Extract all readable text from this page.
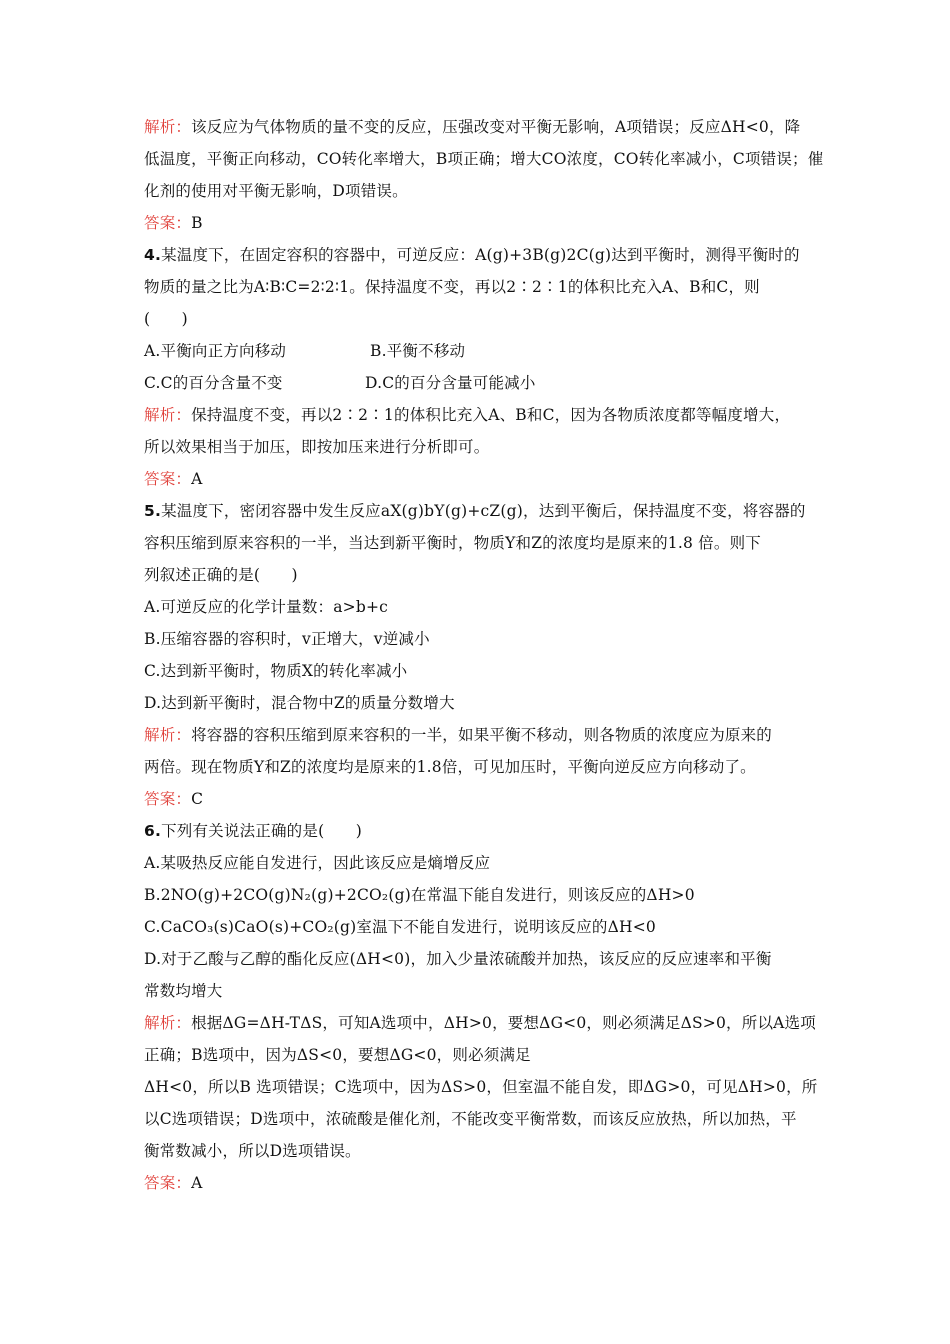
解析：该反应为气体物质的量不变的反应，压强改变对平衡无影响，A项错误；反应ΔH<0，降
低温度，平衡正向移动，CO转化率增大，B项正确；增大CO浓度，CO转化率减小，C项错误；催
化剂的使用对平衡无影响，D项错误。
答案：B
4.某温度下，在固定容积的容器中，可逆反应：A(g)+3B(g)2C(g)达到平衡时，测得平衡时的
物质的量之比为A∶B∶C=2∶2∶1。保持温度不变，再以2∶2∶1的体积比充入A、B和C，则
(　　)
A.平衡向正方向移动	B.平衡不移动
C.C的百分含量不变	D.C的百分含量可能减小
解析：保持温度不变，再以2∶2∶1的体积比充入A、B和C，因为各物质浓度都等幅度增大，
所以效果相当于加压，即按加压来进行分析即可。
答案：A
5.某温度下，密闭容器中发生反应aX(g)bY(g)+cZ(g)，达到平衡后，保持温度不变，将容器的
容积压缩到原来容积的一半，当达到新平衡时，物质Y和Z的浓度均是原来的1.8 倍。则下
列叙述正确的是(　　)
A.可逆反应的化学计量数：a>b+c
B.压缩容器的容积时，v正增大，v逆减小
C.达到新平衡时，物质X的转化率减小
D.达到新平衡时，混合物中Z的质量分数增大
解析：将容器的容积压缩到原来容积的一半，如果平衡不移动，则各物质的浓度应为原来的
两倍。现在物质Y和Z的浓度均是原来的1.8倍，可见加压时，平衡向逆反应方向移动了。
答案：C
6.下列有关说法正确的是(　　)
A.某吸热反应能自发进行，因此该反应是熵增反应
B.2NO(g)+2CO(g)N₂(g)+2CO₂(g)在常温下能自发进行，则该反应的ΔH>0
C.CaCO₃(s)CaO(s)+CO₂(g)室温下不能自发进行，说明该反应的ΔH<0
D.对于乙酸与乙醇的酯化反应(ΔH<0)，加入少量浓硫酸并加热，该反应的反应速率和平衡
常数均增大
解析：根据ΔG=ΔH-TΔS，可知A选项中，ΔH>0，要想ΔG<0，则必须满足ΔS>0，所以A选项
正确；B选项中，因为ΔS<0，要想ΔG<0，则必须满足
ΔH<0，所以B 选项错误；C选项中，因为ΔS>0，但室温不能自发，即ΔG>0，可见ΔH>0，所
以C选项错误；D选项中，浓硫酸是催化剂，不能改变平衡常数，而该反应放热，所以加热，平
衡常数减小，所以D选项错误。
答案：A
